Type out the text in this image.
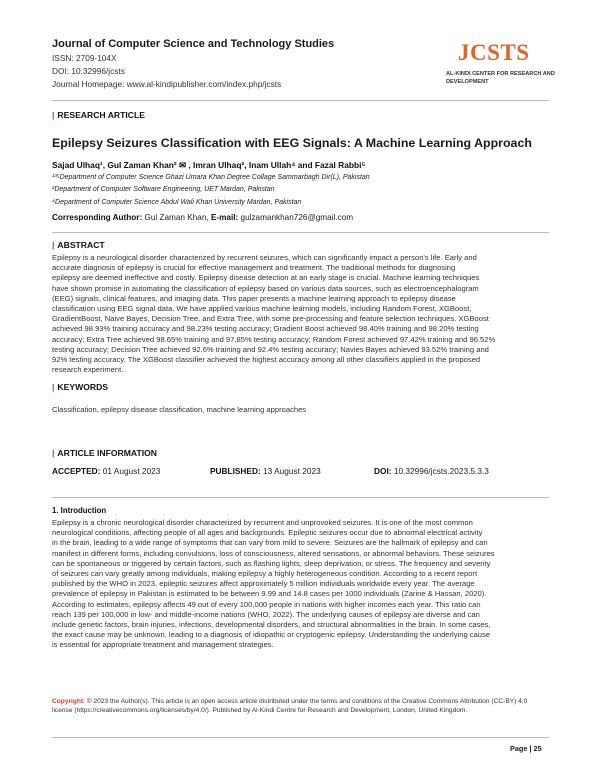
Journal of Computer Science and Technology Studies
ISSN: 2709-104X
DOI: 10.32996/jcsts
Journal Homepage: www.al-kindipublisher.com/index.php/jcsts
JCSTS
AL-KINDI CENTER FOR RESEARCH AND DEVELOPMENT
| RESEARCH ARTICLE
Epilepsy Seizures Classification with EEG Signals: A Machine Learning Approach
Sajad Ulhaq¹, Gul Zaman Khan² ✉ , Imran Ulhaq³, Inam Ullah⁴ and Fazal Rabbi⁵
¹³⁵Department of Computer Science Ghazi Umara Khan Degree Collage Sammarbagh Dir(L), Pakistan
²Department of Computer Software Engineering, UET Mardan, Pakistan
⁴Department of Computer Science Abdul Wali Khan University Mardan, Pakistan
Corresponding Author: Gul Zaman Khan, E-mail: gulzamankhan726@gmail.com
| ABSTRACT
Epilepsy is a neurological disorder characterized by recurrent seizures, which can significantly impact a person's life. Early and
accurate diagnosis of epilepsy is crucial for effective management and treatment. The traditional methods for diagnosing
epilepsy are deemed ineffective and costly. Epilepsy disease detection at an early stage is crucial. Machine learning techniques
have shown promise in automating the classification of epilepsy based on various data sources, such as electroencephalogram
(EEG) signals, clinical features, and imaging data. This paper presents a machine learning approach to epilepsy disease
classification using EEG signal data. We have applied various machine learning models, including Random Forest, XGBoost,
GradientBoost, Naive Bayes, Decision Tree, and Extra Tree, with some pre-processing and feature selection techniques. XGBoost
achieved 98.93% training accuracy and 98.23% testing accuracy; Gradient Boost achieved 98.40% training and 98.20% testing
accuracy; Extra Tree achieved 98.65% training and 97.85% testing accuracy; Random Forest achieved 97.42% training and 96.52%
testing accuracy; Decision Tree achieved 92.6% training and 92.4% testing accuracy; Navies Bayes achieved 93.52% training and
92% testing accuracy. The XGBoost classifier achieved the highest accuracy among all other classifiers applied in the proposed
research experiment.
| KEYWORDS
Classification, epilepsy disease classification, machine learning approaches
| ARTICLE INFORMATION
ACCEPTED: 01 August 2023	PUBLISHED: 13 August 2023	DOI: 10.32996/jcsts.2023.5.3.3
1. Introduction
Epilepsy is a chronic neurological disorder characterized by recurrent and unprovoked seizures. It is one of the most common
neurological conditions, affecting people of all ages and backgrounds. Epileptic seizures occur due to abnormal electrical activity
in the brain, leading to a wide range of symptoms that can vary from mild to severe. Seizures are the hallmark of epilepsy and can
manifest in different forms, including convulsions, loss of consciousness, altered sensations, or abnormal behaviors. These seizures
can be spontaneous or triggered by certain factors, such as flashing lights, sleep deprivation, or stress. The frequency and severity
of seizures can vary greatly among individuals, making epilepsy a highly heterogeneous condition. According to a recent report
published by the WHO in 2023, epileptic seizures affect approximately 5 million individuals worldwide every year. The average
prevalence of epilepsy in Pakistan is estimated to be between 9.99 and 14.8 cases per 1000 individuals (Zarine & Hassan, 2020).
According to estimates, epilepsy affects 49 out of every 100,000 people in nations with higher incomes each year. This ratio can
reach 139 per 100,000 in low- and middle-income nations (WHO, 2022). The underlying causes of epilepsy are diverse and can
include genetic factors, brain injuries, infections, developmental disorders, and structural abnormalities in the brain. In some cases,
the exact cause may be unknown, leading to a diagnosis of idiopathic or cryptogenic epilepsy. Understanding the underlying cause
is essential for appropriate treatment and management strategies.
Copyright: © 2023 the Author(s). This article is an open access article distributed under the terms and conditions of the Creative Commons Attribution (CC-BY) 4.0 license (https://creativecommons.org/licenses/by/4.0/). Published by Al-Kindi Centre for Research and Development, London, United Kingdom.
Page | 25
